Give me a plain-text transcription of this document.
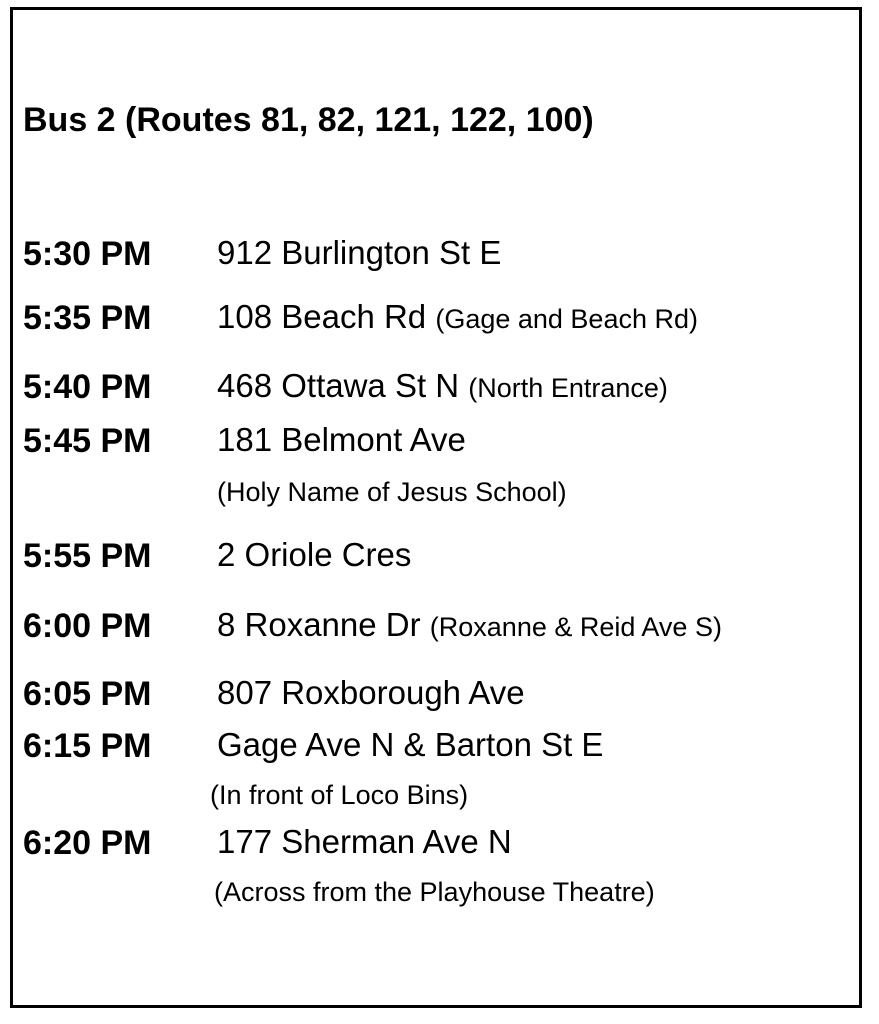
Bus 2 (Routes 81, 82, 121, 122, 100)
5:30 PM 912 Burlington St E
5:35 PM 108 Beach Rd (Gage and Beach Rd)
5:40 PM 468 Ottawa St N (North Entrance)
5:45 PM 181 Belmont Ave
(Holy Name of Jesus School)
5:55 PM 2 Oriole Cres
6:00 PM 8 Roxanne Dr (Roxanne & Reid Ave S)
6:05 PM 807 Roxborough Ave
6:15 PM Gage Ave N & Barton St E
(In front of Loco Bins)
6:20 PM 177 Sherman Ave N
(Across from the Playhouse Theatre)
